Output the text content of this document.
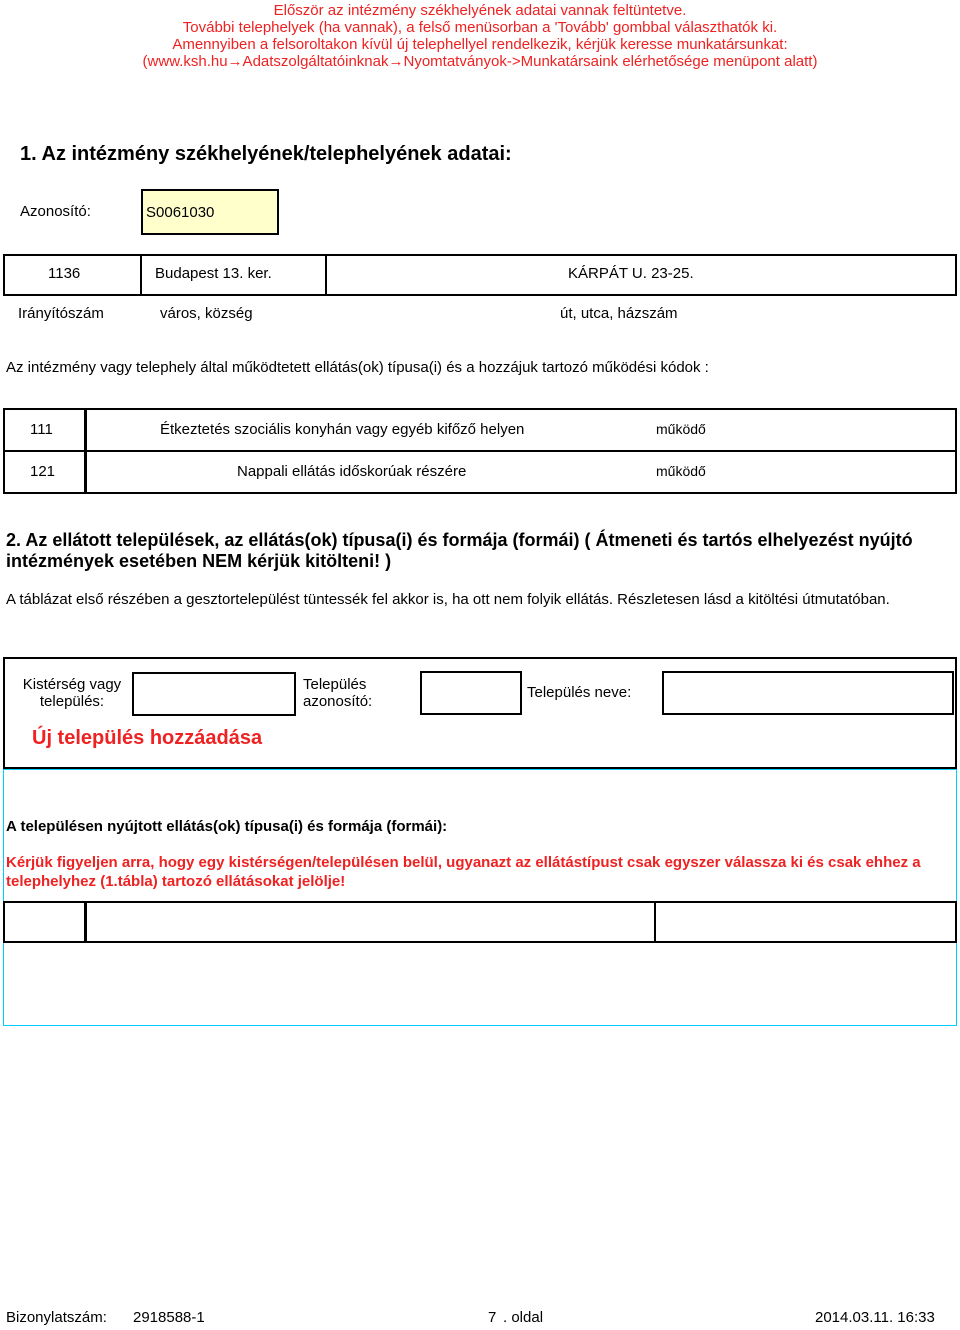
Először az intézmény székhelyének adatai vannak feltüntetve.
További telephelyek (ha vannak), a felső menüsorban a 'Tovább' gombbal választhatók ki.
Amennyiben a felsoroltakon kívül új telephellyel rendelkezik, kérjük keresse munkatársunkat:
(www.ksh.hu→Adatszolgáltatóinknak→Nyomtatványok->Munkatársaink elérhetősége menüpont alatt)
1. Az intézmény székhelyének/telephelyének adatai:
Azonosító:	S0061030
1136	Budapest 13. ker.	KÁRPÁT U. 23-25.
Irányítószám	város, község	út, utca, házszám
Az intézmény vagy telephely által működtetett ellátás(ok) típusa(i) és a hozzájuk tartozó működési kódok :
111	Étkeztetés szociális konyhán vagy egyéb kifőző helyen	működő
121	Nappali ellátás időskorúak részére	működő
2. Az ellátott települések, az ellátás(ok) típusa(i) és formája (formái) ( Átmeneti és tartós elhelyezést nyújtó intézmények esetében NEM kérjük kitölteni! )
A táblázat első részében a gesztortelepülést tüntessék fel akkor is, ha ott nem folyik ellátás. Részletesen lásd a kitöltési útmutatóban.
Kistérség vagy
település:
Település
azonosító:
Település neve:
Új település hozzáadása
A településen nyújtott ellátás(ok) típusa(i) és formája (formái):
Kérjük figyeljen arra, hogy egy kistérségen/településen belül, ugyanazt az ellátástípust csak egyszer válassza ki és csak ehhez a telephelyhez (1.tábla) tartozó ellátásokat jelölje!
Bizonylatszám: 2918588-1	7 . oldal	2014.03.11. 16:33
